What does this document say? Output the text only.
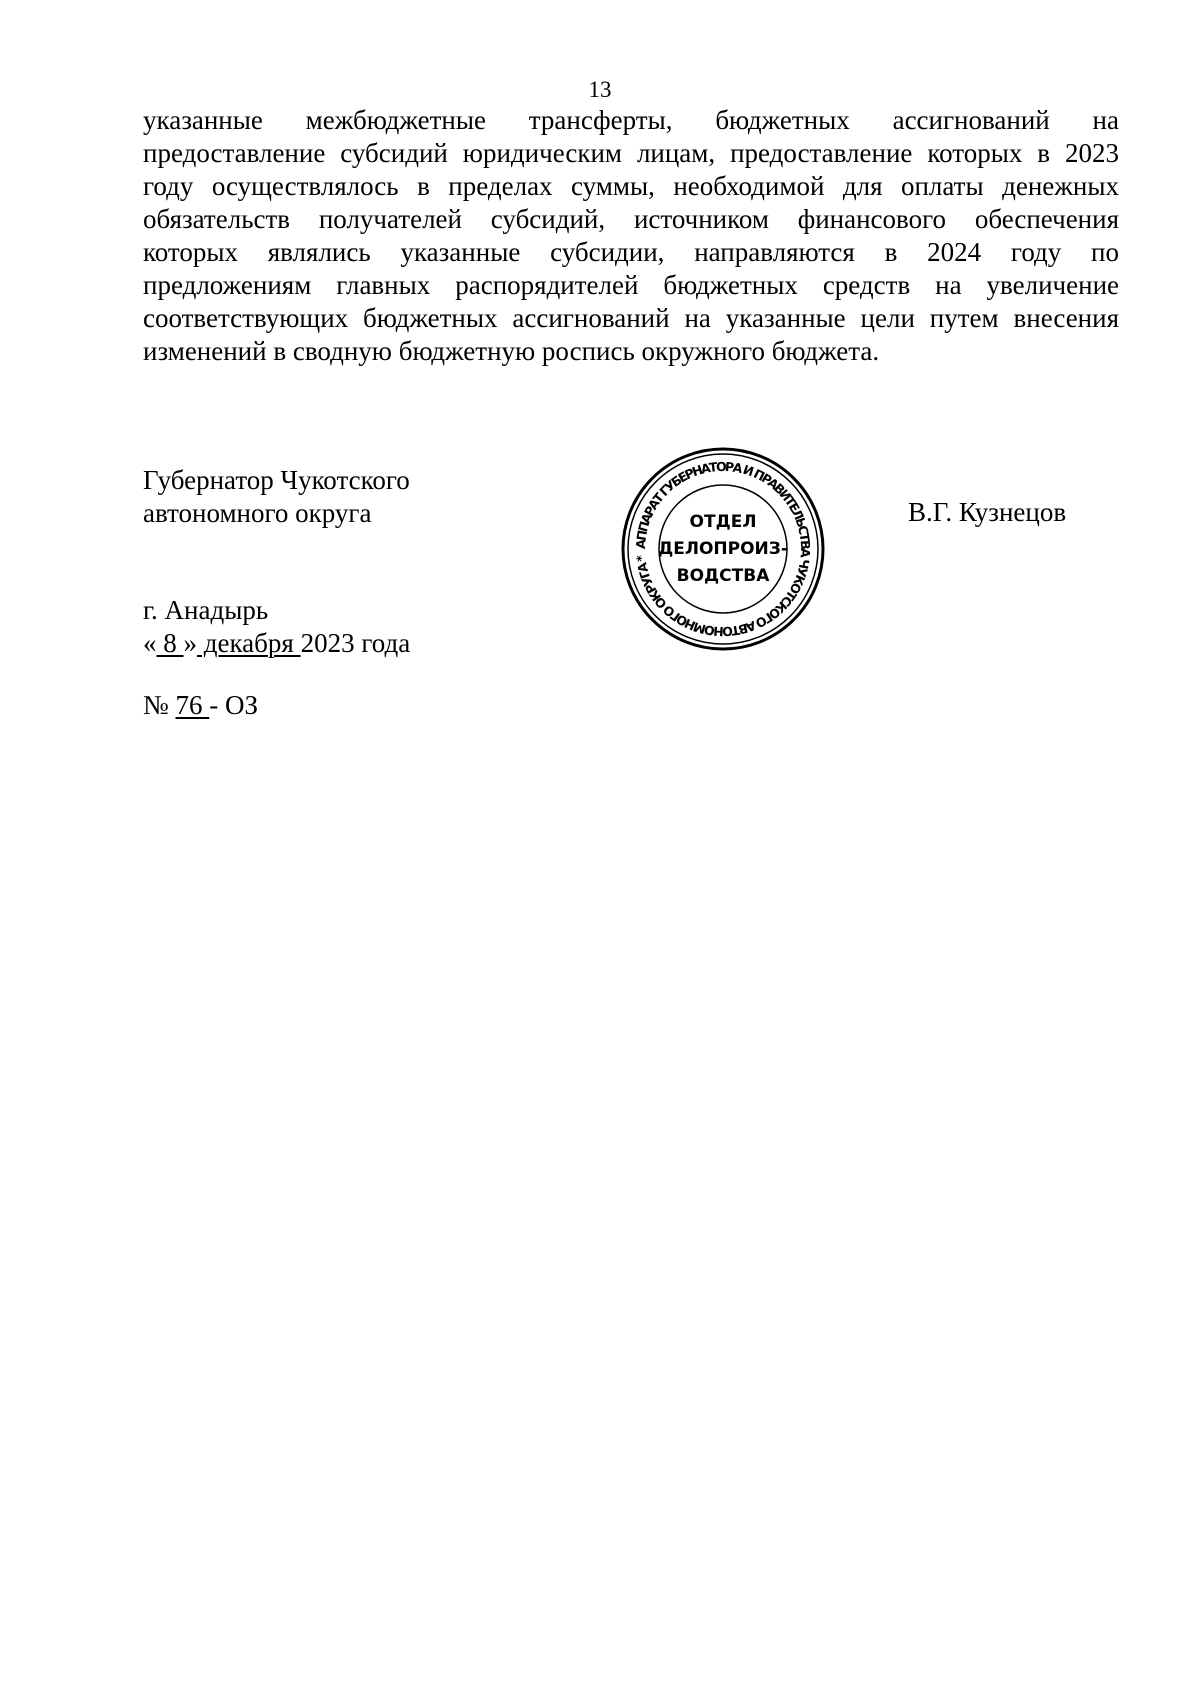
13

указанные межбюджетные трансферты, бюджетных ассигнований на
предоставление субсидий юридическим лицам, предоставление которых в 2023
году осуществлялось в пределах суммы, необходимой для оплаты денежных
обязательств получателей субсидий, источником финансового обеспечения
которых являлись указанные субсидии, направляются в 2024 году по
предложениям главных распорядителей бюджетных средств на увеличение
соответствующих бюджетных ассигнований на указанные цели путем внесения
изменений в сводную бюджетную роспись окружного бюджета.

Губернатор Чукотского
автономного округа
АППАРАТ ГУБЕРНАТОРА И ПРАВИТЕЛЬСТВА ЧУКОТСКОГО АВТОНОМНОГО ОКРУГА *
ОТДЕЛ
ДЕЛОПРОИЗ-
ВОДСТВА
В.Г. Кузнецов
г. Анадырь
« 8 » декабря 2023 года
№ 76 - ОЗ
